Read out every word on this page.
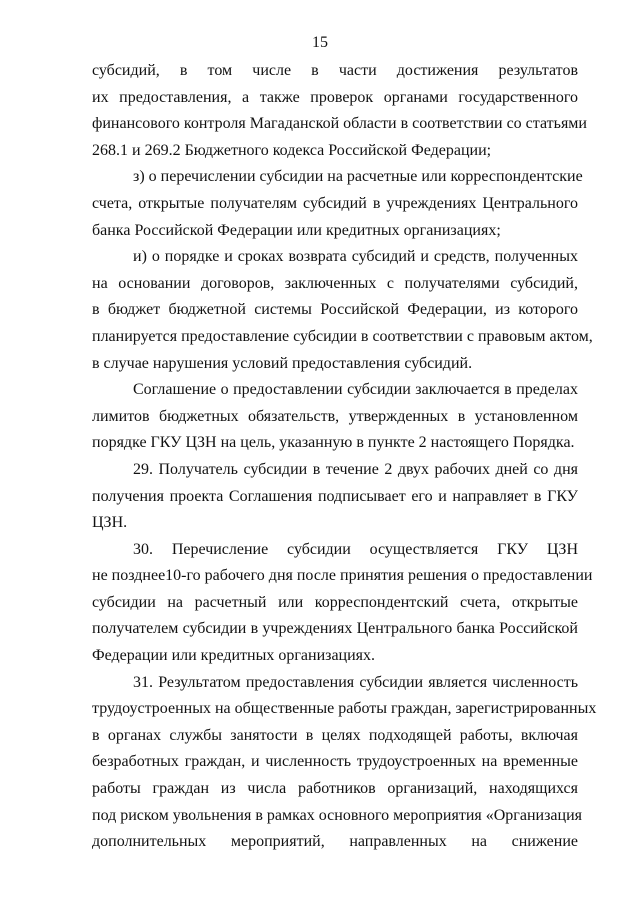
15
субсидий, в том числе в части достижения результатов
их предоставления, а также проверок органами государственного
финансового контроля Магаданской области в соответствии со статьями
268.1 и 269.2 Бюджетного кодекса Российской Федерации;
з) о перечислении субсидии на расчетные или корреспондентские
счета, открытые получателям субсидий в учреждениях Центрального
банка Российской Федерации или кредитных организациях;
и) о порядке и сроках возврата субсидий и средств, полученных
на основании договоров, заключенных с получателями субсидий,
в бюджет бюджетной системы Российской Федерации, из которого
планируется предоставление субсидии в соответствии с правовым актом,
в случае нарушения условий предоставления субсидий.
Соглашение о предоставлении субсидии заключается в пределах
лимитов бюджетных обязательств, утвержденных в установленном
порядке ГКУ ЦЗН на цель, указанную в пункте 2 настоящего Порядка.
29. Получатель субсидии в течение 2 двух рабочих дней со дня
получения проекта Соглашения подписывает его и направляет в ГКУ
ЦЗН.
30. Перечисление субсидии осуществляется ГКУ ЦЗН
не позднее10-го рабочего дня после принятия решения о предоставлении
субсидии на расчетный или корреспондентский счета, открытые
получателем субсидии в учреждениях Центрального банка Российской
Федерации или кредитных организациях.
31. Результатом предоставления субсидии является численность
трудоустроенных на общественные работы граждан, зарегистрированных
в органах службы занятости в целях подходящей работы, включая
безработных граждан, и численность трудоустроенных на временные
работы граждан из числа работников организаций, находящихся
под риском увольнения в рамках основного мероприятия «Организация
дополнительных мероприятий, направленных на снижение
